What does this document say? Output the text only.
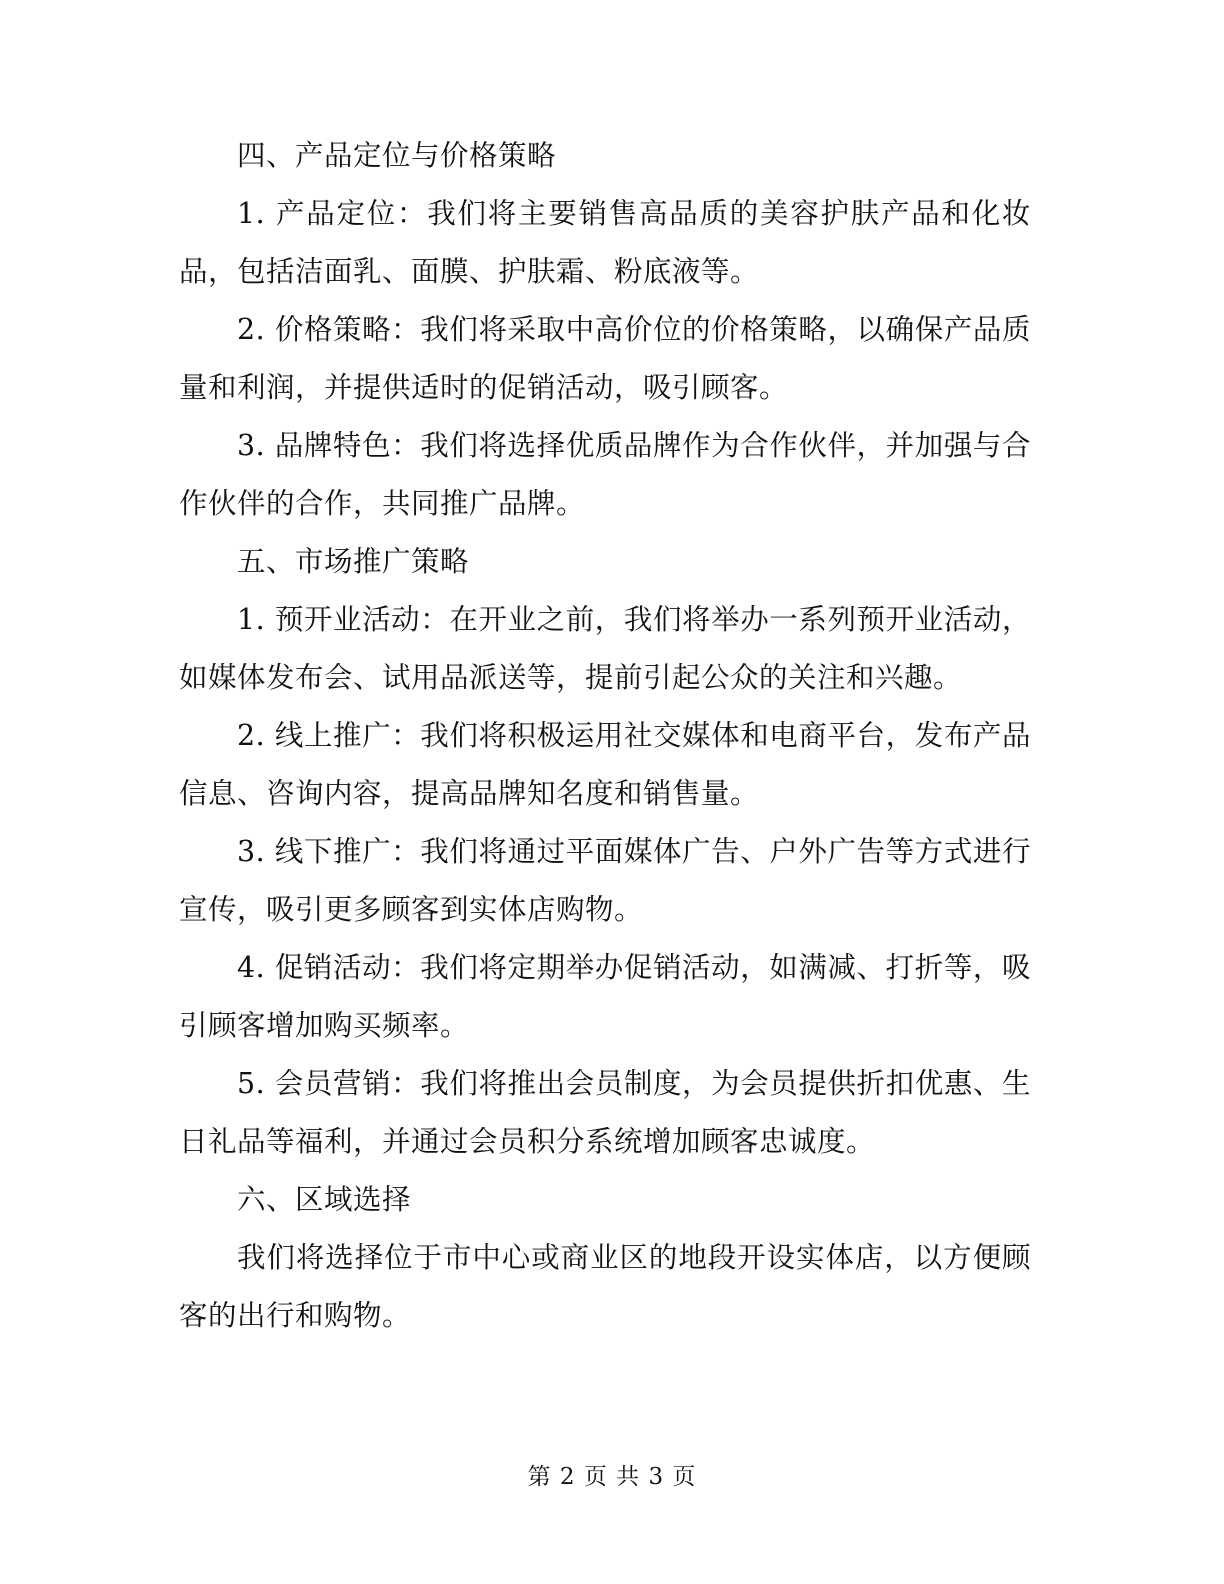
四、产品定位与价格策略

1. 产品定位：我们将主要销售高品质的美容护肤产品和化妆品，包括洁面乳、面膜、护肤霜、粉底液等。

2. 价格策略：我们将采取中高价位的价格策略，以确保产品质量和利润，并提供适时的促销活动，吸引顾客。

3. 品牌特色：我们将选择优质品牌作为合作伙伴，并加强与合作伙伴的合作，共同推广品牌。

五、市场推广策略

1. 预开业活动：在开业之前，我们将举办一系列预开业活动，如媒体发布会、试用品派送等，提前引起公众的关注和兴趣。

2. 线上推广：我们将积极运用社交媒体和电商平台，发布产品信息、咨询内容，提高品牌知名度和销售量。

3. 线下推广：我们将通过平面媒体广告、户外广告等方式进行宣传，吸引更多顾客到实体店购物。

4. 促销活动：我们将定期举办促销活动，如满减、打折等，吸引顾客增加购买频率。

5. 会员营销：我们将推出会员制度，为会员提供折扣优惠、生日礼品等福利，并通过会员积分系统增加顾客忠诚度。

六、区域选择

我们将选择位于市中心或商业区的地段开设实体店，以方便顾客的出行和购物。

第 2 页 共 3 页
